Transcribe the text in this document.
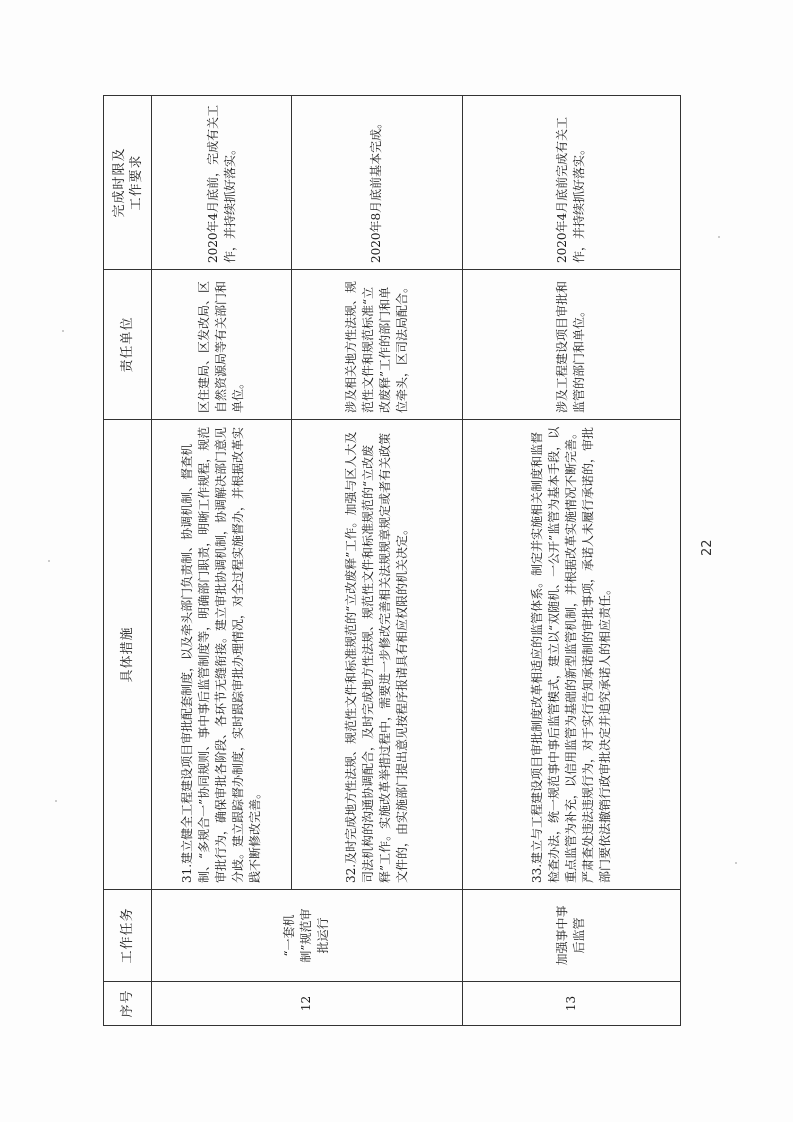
序号	工作任务	具体措施	责任单位	完成时限及
工作要求
12	“一套机
制”规范审
批运行	31.建立健全工程建设项目审批配套制度，以及牵头部门负责制、协调机制、督查机制、“多规合一”协同规则、事中事后监管制度等，明确部门职责，明晰工作规程，规范审批行为，确保审批各阶段、各环节无缝衔接。建立审批协调机制，协调解决部门意见分歧。建立跟踪督办制度，实时跟踪审批办理情况，对全过程实施督办，并根据改革实践不断修改完善。	区住建局、区发改局、区自然资源局等有关部门和单位。	2020年4月底前，完成有关工作，并持续抓好落实。
		32.及时完成地方性法规、规范性文件和标准规范的“立改废释”工作。加强与区人大及司法机构的沟通协调配合，及时完成地方性法规、规范性文件和标准规范的“立改废释”工作。实施改革举措过程中，需要进一步修改完善相关法规规章规定或者有关政策文件的，由实施部门提出意见按程序报请具有相应权限的机关决定。	涉及相关地方性法规、规范性文件和规范标准“立改废释”工作的部门和单位牵头，区司法局配合。	2020年8月底前基本完成。
13	加强事中事
后监管	33.建立与工程建设项目审批制度改革相适应的监管体系。制定并实施相关制度和监督检查办法，统一规范事中事后监管模式，建立以“双随机、一公开”监管为基本手段，以重点监管为补充，以信用监管为基础的新型监管机制，并根据改革实施情况不断完善。严肃查处违法违规行为，对于实行告知承诺制的审批事项，承诺人未履行承诺的，审批部门要依法撤销行政审批决定并追究承诺人的相应责任。	涉及工程建设项目审批和监管的部门和单位。	2020年4月底前完成有关工作，并持续抓好落实。
22
